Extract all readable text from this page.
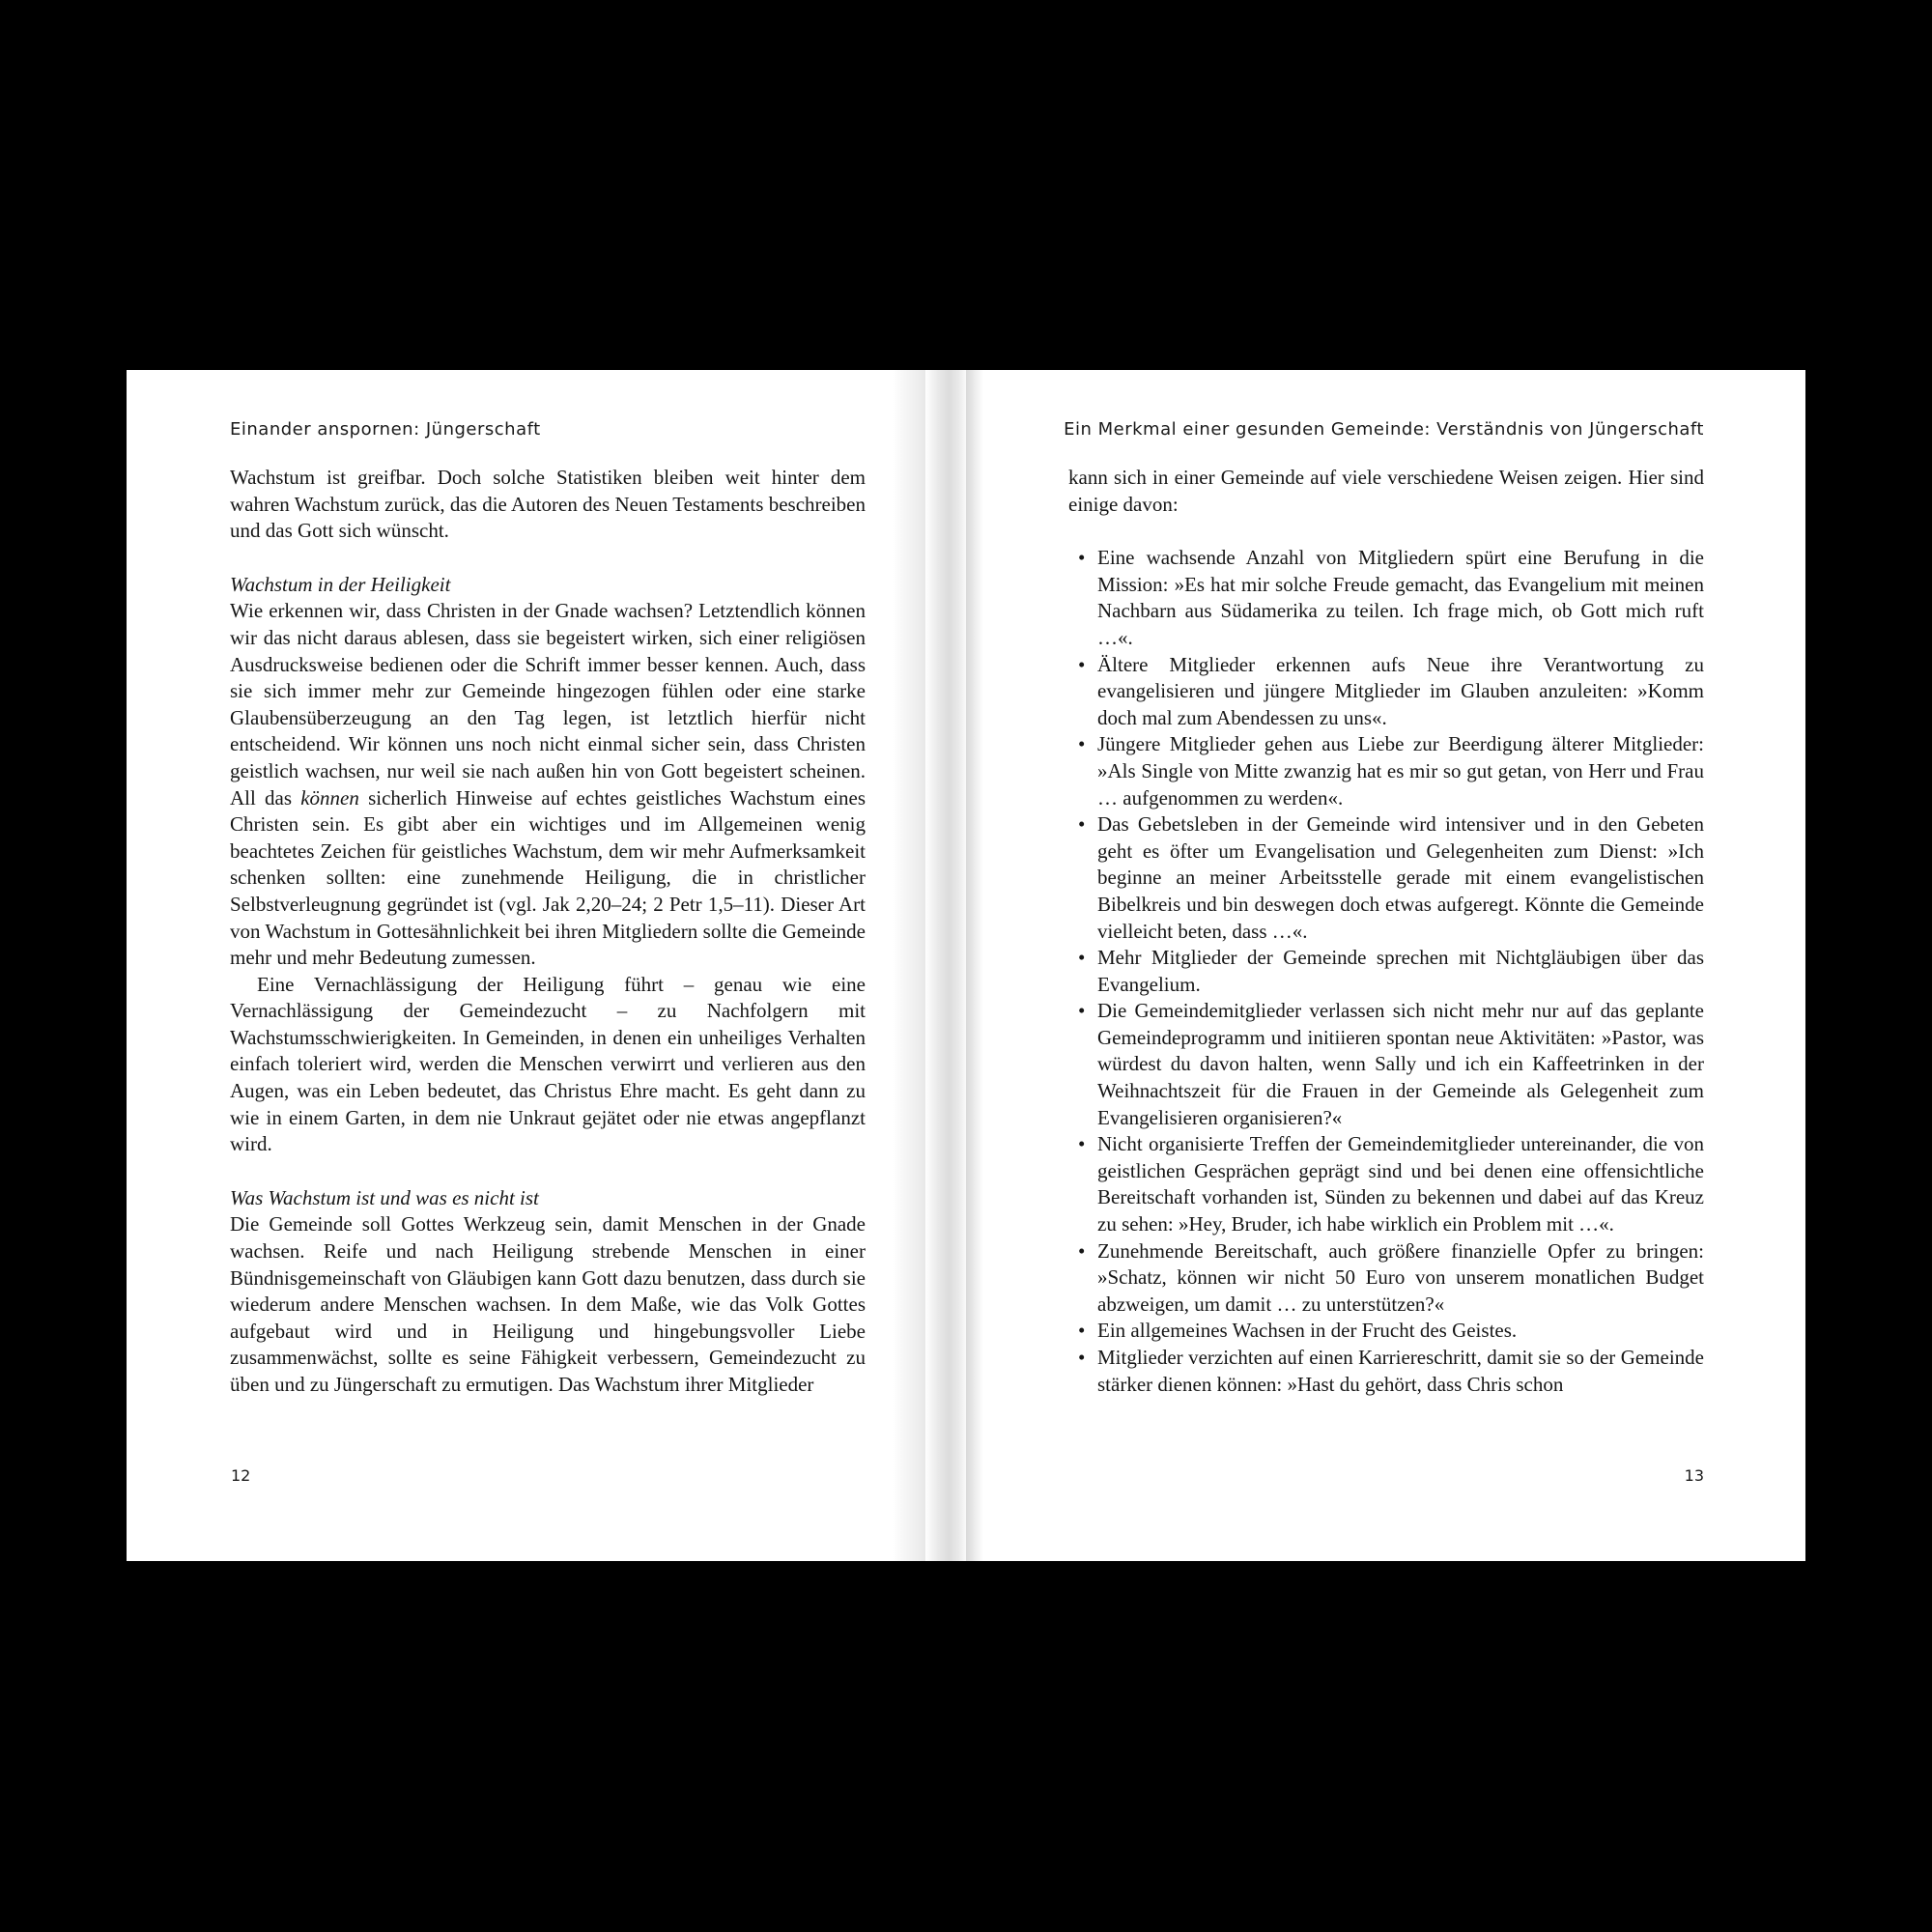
Einander anspornen: Jüngerschaft

Wachstum ist greifbar. Doch solche Statistiken bleiben weit hinter dem wahren Wachstum zurück, das die Autoren des Neuen Testaments beschreiben und das Gott sich wünscht.

Wachstum in der Heiligkeit

Wie erkennen wir, dass Christen in der Gnade wachsen? Letztendlich können wir das nicht daraus ablesen, dass sie begeistert wirken, sich einer religiösen Ausdrucksweise bedienen oder die Schrift immer besser kennen. Auch, dass sie sich immer mehr zur Gemeinde hingezogen fühlen oder eine starke Glaubensüberzeugung an den Tag legen, ist letztlich hierfür nicht entscheidend. Wir können uns noch nicht einmal sicher sein, dass Christen geistlich wachsen, nur weil sie nach außen hin von Gott begeistert scheinen. All das können sicherlich Hinweise auf echtes geistliches Wachstum eines Christen sein. Es gibt aber ein wichtiges und im Allgemeinen wenig beachtetes Zeichen für geistliches Wachstum, dem wir mehr Aufmerksamkeit schenken sollten: eine zunehmende Heiligung, die in christlicher Selbstverleugnung gegründet ist (vgl. Jak 2,20–24; 2 Petr 1,5–11). Dieser Art von Wachstum in Gottesähnlichkeit bei ihren Mitgliedern sollte die Gemeinde mehr und mehr Bedeutung zumessen.

Eine Vernachlässigung der Heiligung führt – genau wie eine Vernachlässigung der Gemeindezucht – zu Nachfolgern mit Wachstumsschwierigkeiten. In Gemeinden, in denen ein unheiliges Verhalten einfach toleriert wird, werden die Menschen verwirrt und verlieren aus den Augen, was ein Leben bedeutet, das Christus Ehre macht. Es geht dann zu wie in einem Garten, in dem nie Unkraut gejätet oder nie etwas angepflanzt wird.

Was Wachstum ist und was es nicht ist

Die Gemeinde soll Gottes Werkzeug sein, damit Menschen in der Gnade wachsen. Reife und nach Heiligung strebende Menschen in einer Bündnisgemeinschaft von Gläubigen kann Gott dazu benutzen, dass durch sie wiederum andere Menschen wachsen. In dem Maße, wie das Volk Gottes aufgebaut wird und in Heiligung und hingebungsvoller Liebe zusammenwächst, sollte es seine Fähigkeit verbessern, Gemeindezucht zu üben und zu Jüngerschaft zu ermutigen. Das Wachstum ihrer Mitglieder

12
Ein Merkmal einer gesunden Gemeinde: Verständnis von Jüngerschaft

kann sich in einer Gemeinde auf viele verschiedene Weisen zeigen. Hier sind einige davon:

• Eine wachsende Anzahl von Mitgliedern spürt eine Berufung in die Mission: »Es hat mir solche Freude gemacht, das Evangelium mit meinen Nachbarn aus Südamerika zu teilen. Ich frage mich, ob Gott mich ruft …«.
• Ältere Mitglieder erkennen aufs Neue ihre Verantwortung zu evangelisieren und jüngere Mitglieder im Glauben anzuleiten: »Komm doch mal zum Abendessen zu uns«.
• Jüngere Mitglieder gehen aus Liebe zur Beerdigung älterer Mitglieder: »Als Single von Mitte zwanzig hat es mir so gut getan, von Herr und Frau … aufgenommen zu werden«.
• Das Gebetsleben in der Gemeinde wird intensiver und in den Gebeten geht es öfter um Evangelisation und Gelegenheiten zum Dienst: »Ich beginne an meiner Arbeitsstelle gerade mit einem evangelistischen Bibelkreis und bin deswegen doch etwas aufgeregt. Könnte die Gemeinde vielleicht beten, dass …«.
• Mehr Mitglieder der Gemeinde sprechen mit Nichtgläubigen über das Evangelium.
• Die Gemeindemitglieder verlassen sich nicht mehr nur auf das geplante Gemeindeprogramm und initiieren spontan neue Aktivitäten: »Pastor, was würdest du davon halten, wenn Sally und ich ein Kaffeetrinken in der Weihnachtszeit für die Frauen in der Gemeinde als Gelegenheit zum Evangelisieren organisieren?«
• Nicht organisierte Treffen der Gemeindemitglieder untereinander, die von geistlichen Gesprächen geprägt sind und bei denen eine offensichtliche Bereitschaft vorhanden ist, Sünden zu bekennen und dabei auf das Kreuz zu sehen: »Hey, Bruder, ich habe wirklich ein Problem mit …«.
• Zunehmende Bereitschaft, auch größere finanzielle Opfer zu bringen: »Schatz, können wir nicht 50 Euro von unserem monatlichen Budget abzweigen, um damit … zu unterstützen?«
• Ein allgemeines Wachsen in der Frucht des Geistes.
• Mitglieder verzichten auf einen Karriereschritt, damit sie so der Gemeinde stärker dienen können: »Hast du gehört, dass Chris schon
13
